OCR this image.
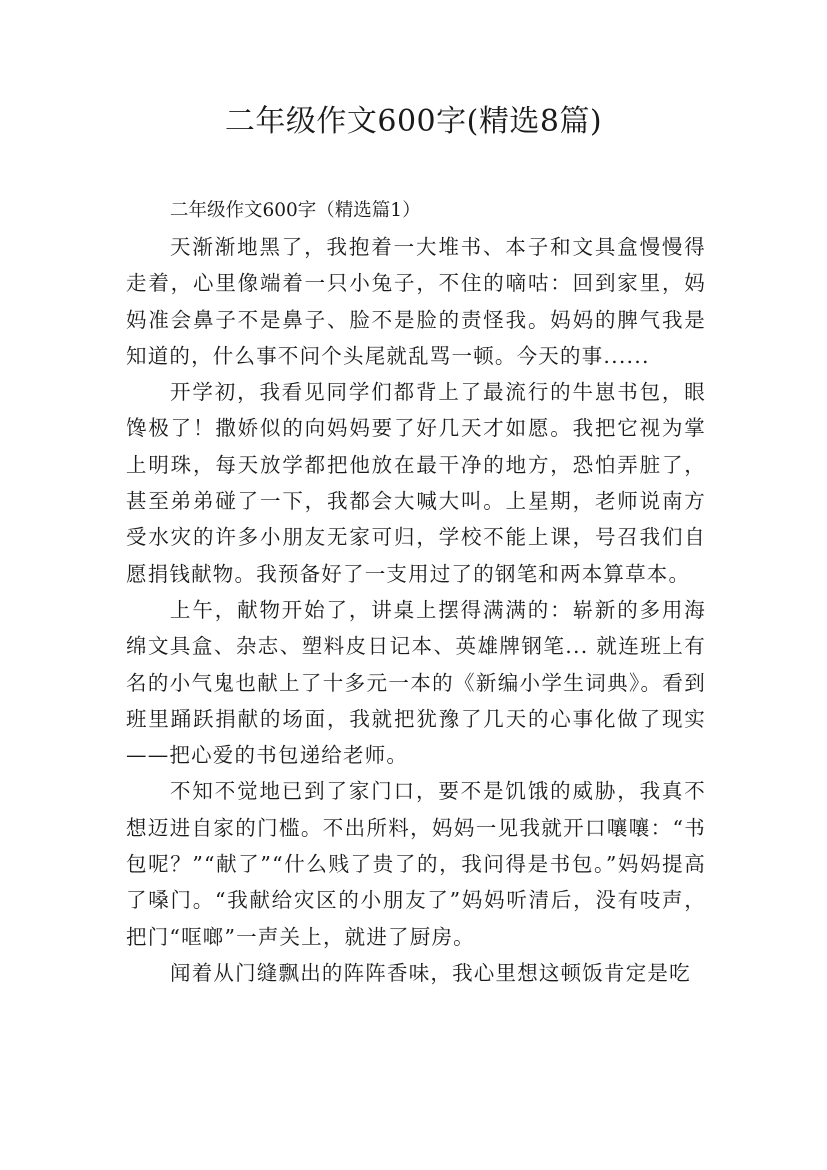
二年级作文600字(精选8篇)

二年级作文600字（精选篇1）

天渐渐地黑了，我抱着一大堆书、本子和文具盒慢慢得走着，心里像端着一只小兔子，不住的嘀咕：回到家里，妈妈准会鼻子不是鼻子、脸不是脸的责怪我。妈妈的脾气我是知道的，什么事不问个头尾就乱骂一顿。今天的事......

开学初，我看见同学们都背上了最流行的牛崽书包，眼馋极了！撒娇似的向妈妈要了好几天才如愿。我把它视为掌上明珠，每天放学都把他放在最干净的地方，恐怕弄脏了，甚至弟弟碰了一下，我都会大喊大叫。上星期，老师说南方受水灾的许多小朋友无家可归，学校不能上课，号召我们自愿捐钱献物。我预备好了一支用过了的钢笔和两本算草本。

上午，献物开始了，讲桌上摆得满满的：崭新的多用海绵文具盒、杂志、塑料皮日记本、英雄牌钢笔... 就连班上有名的小气鬼也献上了十多元一本的《新编小学生词典》。看到班里踊跃捐献的场面，我就把犹豫了几天的心事化做了现实——把心爱的书包递给老师。

不知不觉地已到了家门口，要不是饥饿的威胁，我真不想迈进自家的门槛。不出所料，妈妈一见我就开口嚷嚷：“书包呢？”“献了”“什么贱了贵了的，我问得是书包。”妈妈提高了嗓门。“我献给灾区的小朋友了”妈妈听清后，没有吱声，把门“哐啷”一声关上，就进了厨房。

闻着从门缝飘出的阵阵香味，我心里想这顿饭肯定是吃
